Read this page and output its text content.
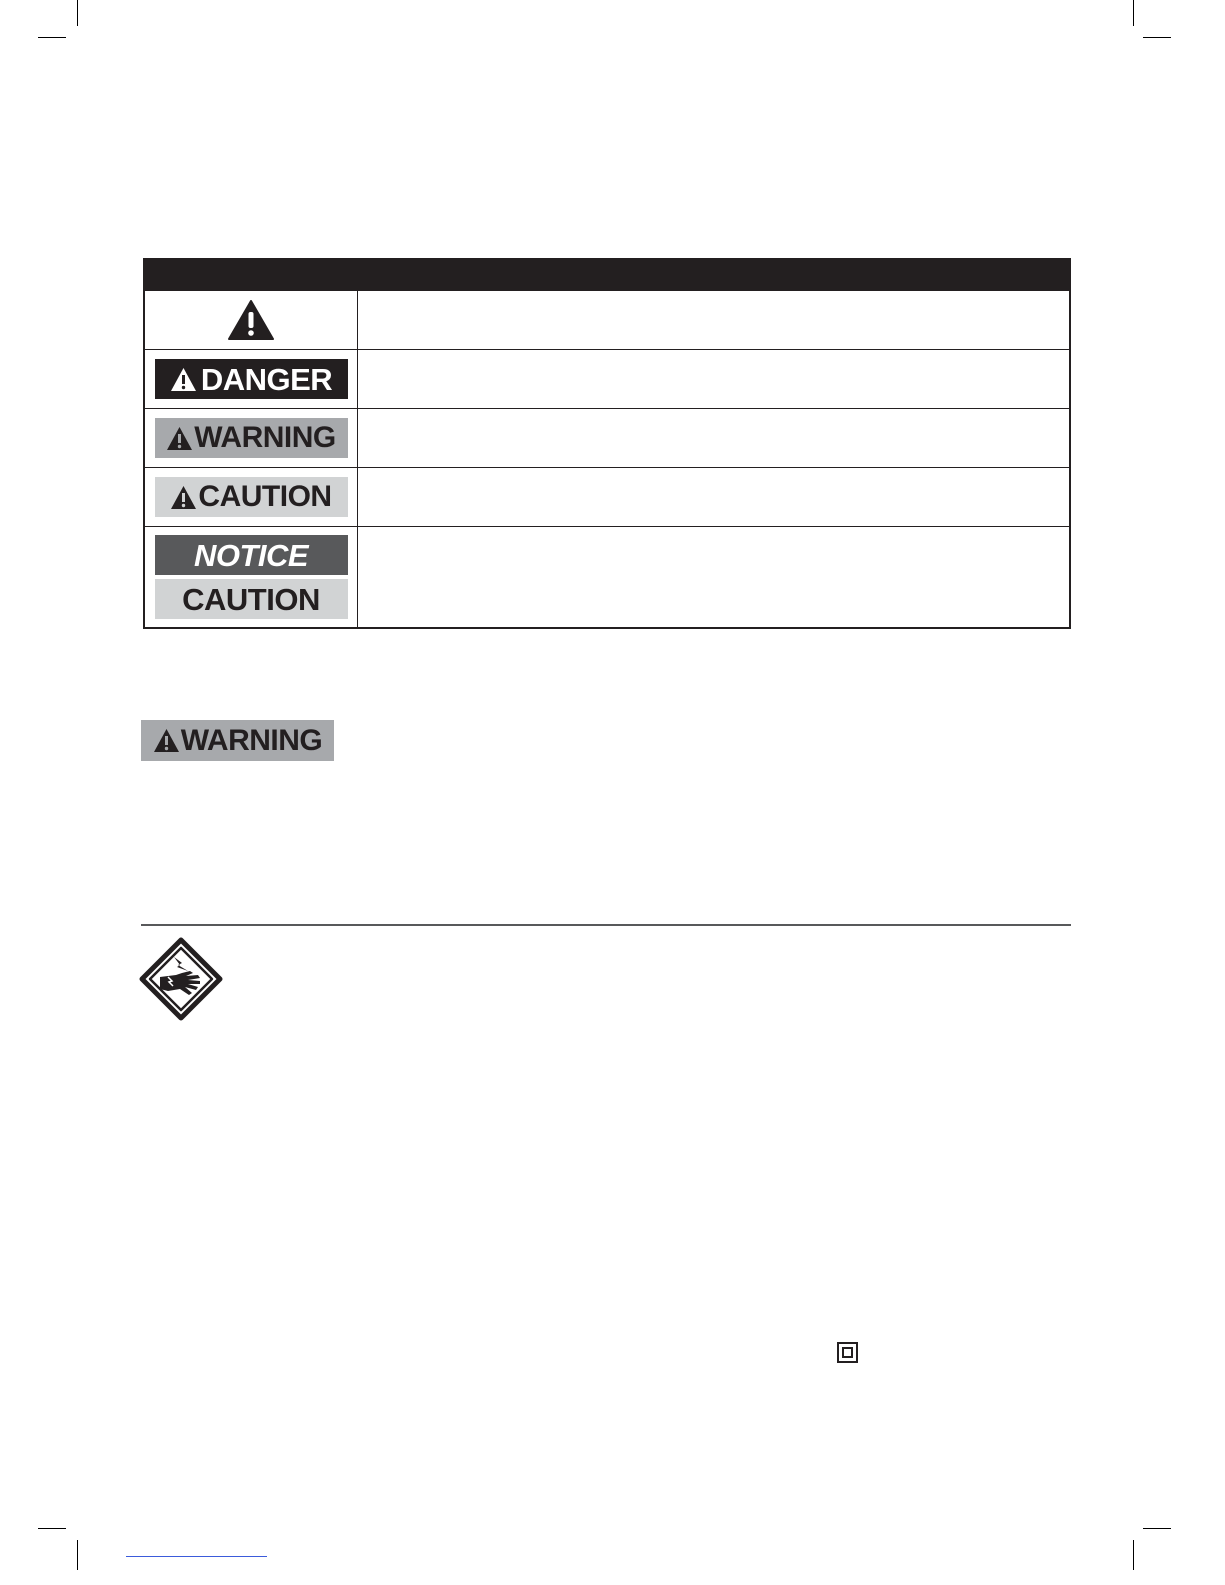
DANGER
WARNING
CAUTION
NOTICE
CAUTION
WARNING
